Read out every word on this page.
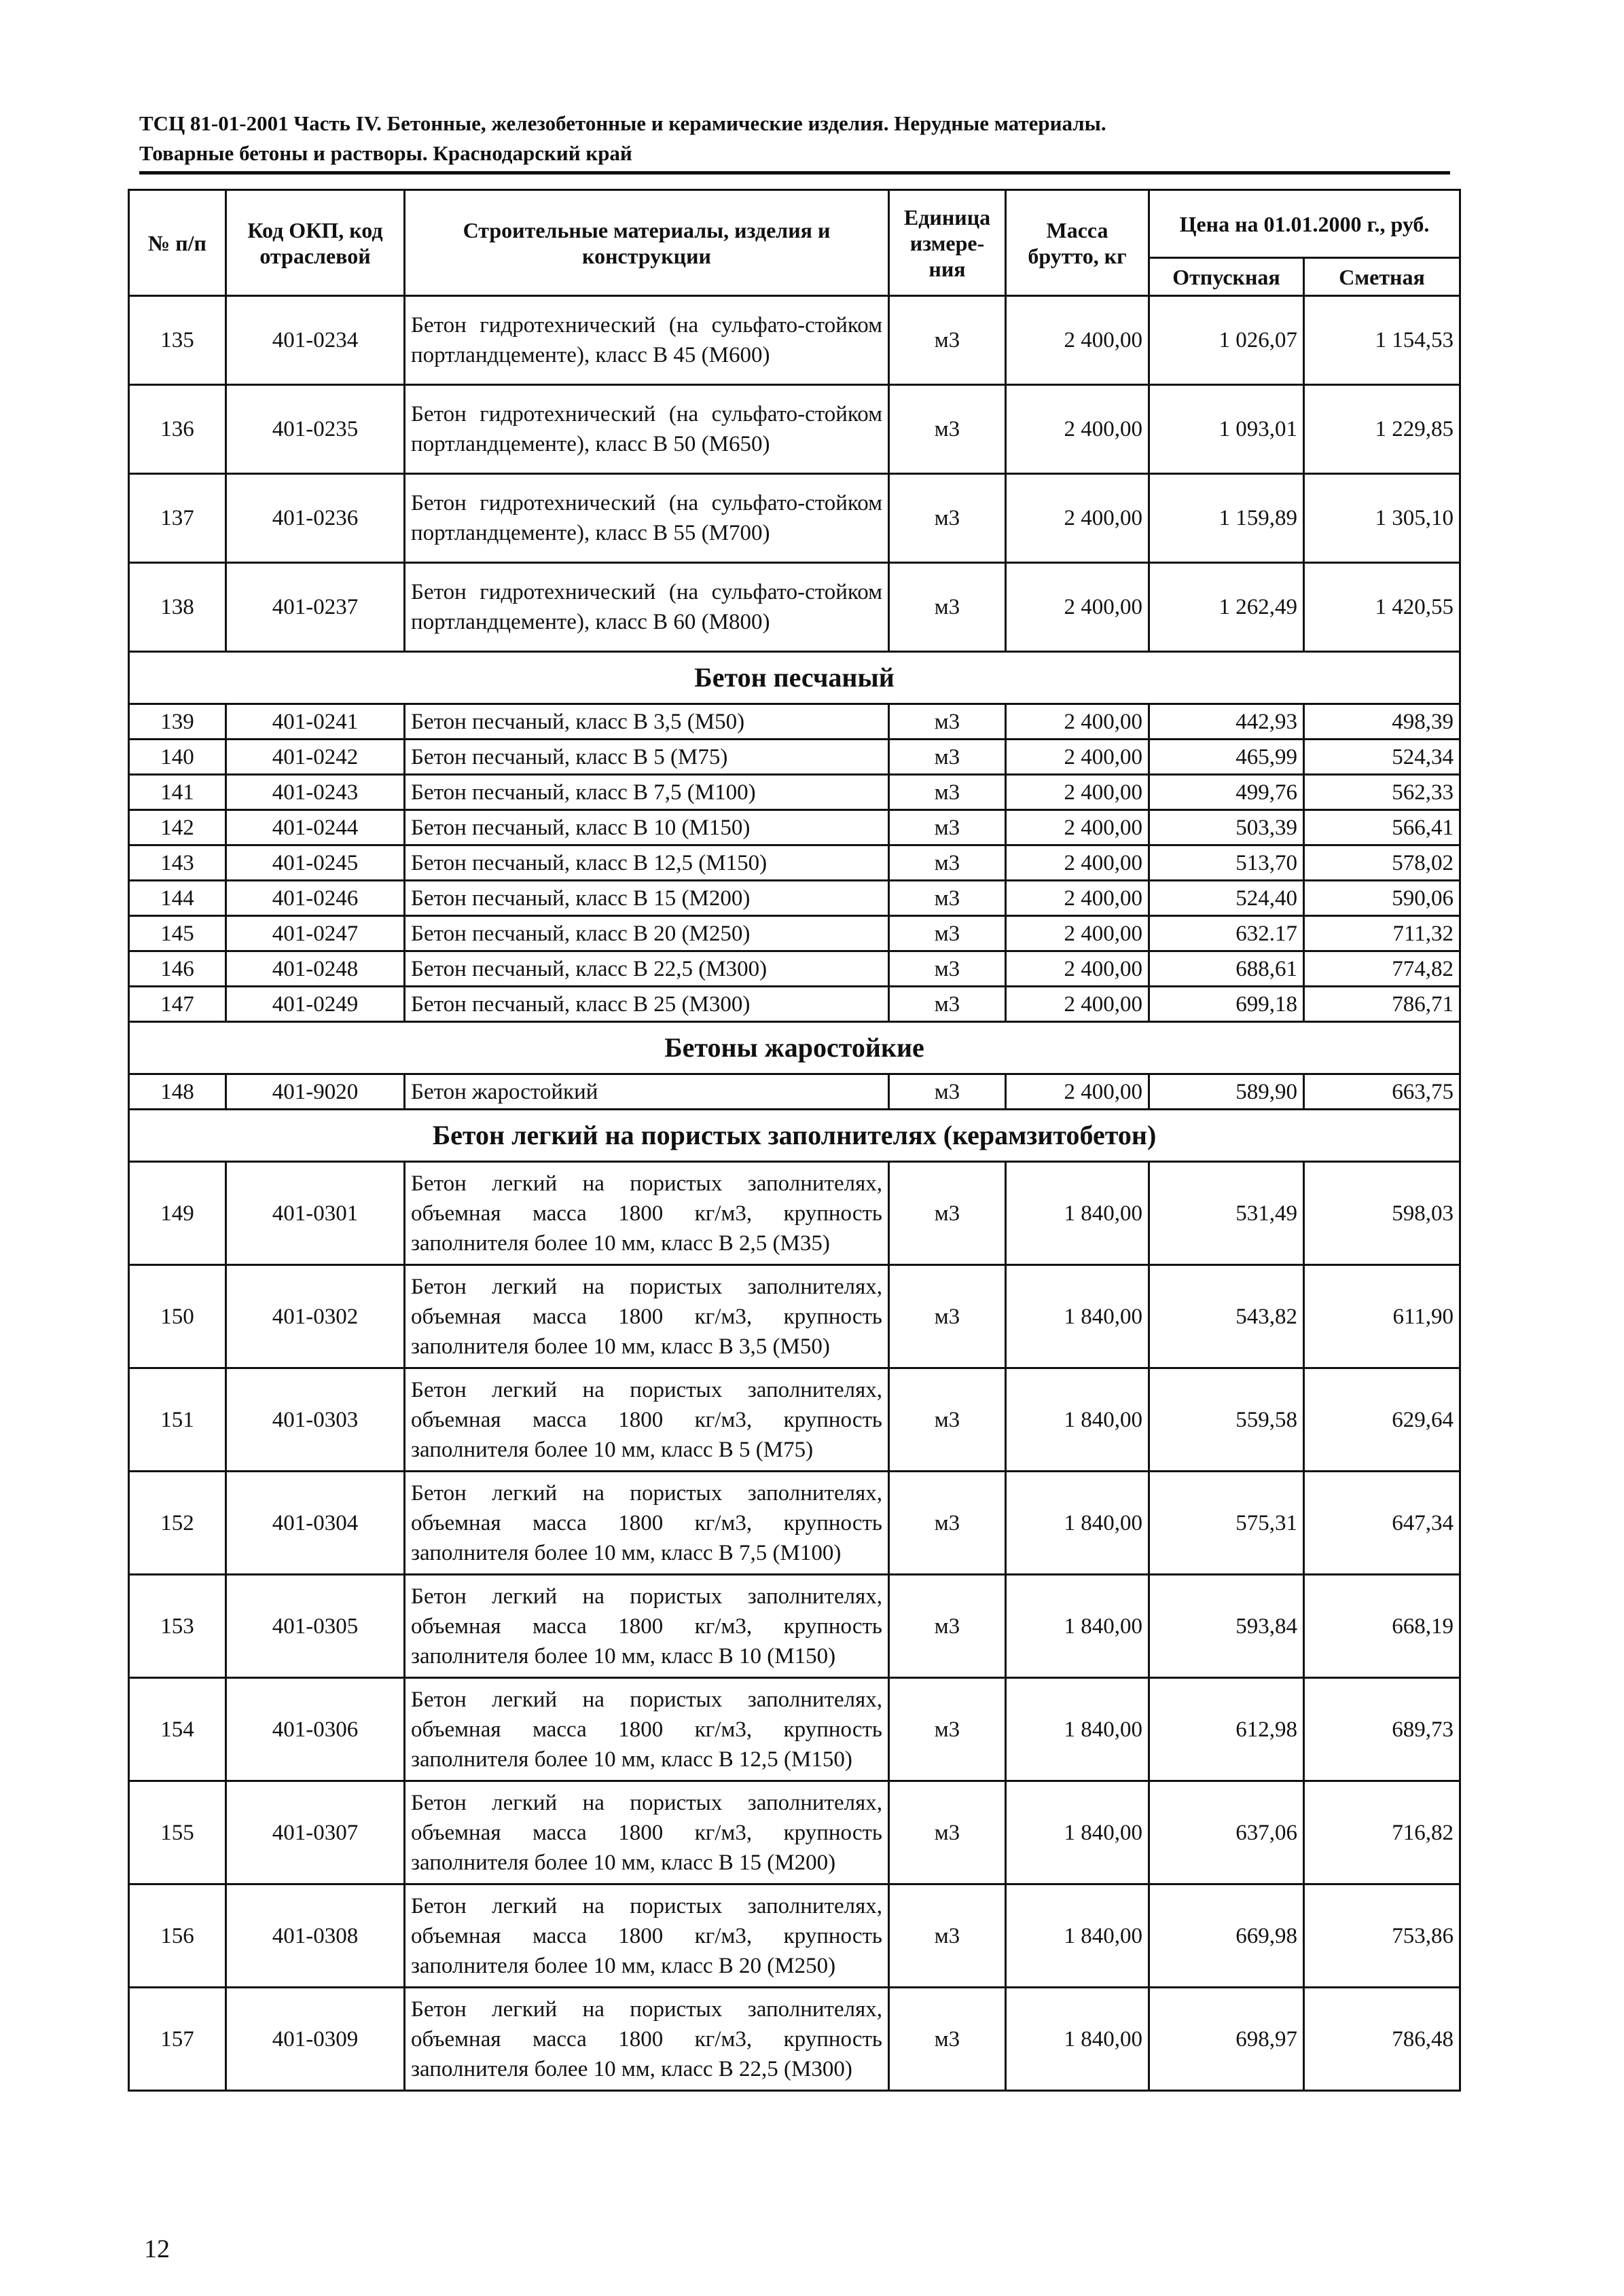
ТСЦ 81-01-2001 Часть IV. Бетонные, железобетонные и керамические изделия. Нерудные материалы.
Товарные бетоны и растворы. Краснодарский край
№ п/п	Код ОКП, код отраслевой	Строительные материалы, изделия и конструкции	Единица измере-ния	Масса брутто, кг	Цена на 01.01.2000 г., руб.	
					Отпускная	Сметная
135	401-0234	Бетон гидротехнический (на сульфато-стойком портландцементе), класс В 45 (М600)	м3	2 400,00	1 026,07	1 154,53
136	401-0235	Бетон гидротехнический (на сульфато-стойком портландцементе), класс В 50 (М650)	м3	2 400,00	1 093,01	1 229,85
137	401-0236	Бетон гидротехнический (на сульфато-стойком портландцементе), класс В 55 (М700)	м3	2 400,00	1 159,89	1 305,10
138	401-0237	Бетон гидротехнический (на сульфато-стойком портландцементе), класс В 60 (М800)	м3	2 400,00	1 262,49	1 420,55
Бетон песчаный						
139	401-0241	Бетон песчаный, класс В 3,5 (М50)	м3	2 400,00	442,93	498,39
140	401-0242	Бетон песчаный, класс В 5 (М75)	м3	2 400,00	465,99	524,34
141	401-0243	Бетон песчаный, класс В 7,5 (М100)	м3	2 400,00	499,76	562,33
142	401-0244	Бетон песчаный, класс В 10 (М150)	м3	2 400,00	503,39	566,41
143	401-0245	Бетон песчаный, класс В 12,5 (М150)	м3	2 400,00	513,70	578,02
144	401-0246	Бетон песчаный, класс В 15 (М200)	м3	2 400,00	524,40	590,06
145	401-0247	Бетон песчаный, класс В 20 (М250)	м3	2 400,00	632.17	711,32
146	401-0248	Бетон песчаный, класс В 22,5 (М300)	м3	2 400,00	688,61	774,82
147	401-0249	Бетон песчаный, класс В 25 (М300)	м3	2 400,00	699,18	786,71
Бетоны жаростойкие						
148	401-9020	Бетон жаростойкий	м3	2 400,00	589,90	663,75
Бетон легкий на пористых заполнителях (керамзитобетон)						
149	401-0301	Бетон легкий на пористых заполнителях, объемная масса 1800 кг/м3, крупность заполнителя более 10 мм, класс В 2,5 (М35)	м3	1 840,00	531,49	598,03
150	401-0302	Бетон легкий на пористых заполнителях, объемная масса 1800 кг/м3, крупность заполнителя более 10 мм, класс В 3,5 (М50)	м3	1 840,00	543,82	611,90
151	401-0303	Бетон легкий на пористых заполнителях, объемная масса 1800 кг/м3, крупность заполнителя более 10 мм, класс В 5 (М75)	м3	1 840,00	559,58	629,64
152	401-0304	Бетон легкий на пористых заполнителях, объемная масса 1800 кг/м3, крупность заполнителя более 10 мм, класс В 7,5 (М100)	м3	1 840,00	575,31	647,34
153	401-0305	Бетон легкий на пористых заполнителях, объемная масса 1800 кг/м3, крупность заполнителя более 10 мм, класс В 10 (М150)	м3	1 840,00	593,84	668,19
154	401-0306	Бетон легкий на пористых заполнителях, объемная масса 1800 кг/м3, крупность заполнителя более 10 мм, класс В 12,5 (М150)	м3	1 840,00	612,98	689,73
155	401-0307	Бетон легкий на пористых заполнителях, объемная масса 1800 кг/м3, крупность заполнителя более 10 мм, класс В 15 (М200)	м3	1 840,00	637,06	716,82
156	401-0308	Бетон легкий на пористых заполнителях, объемная масса 1800 кг/м3, крупность заполнителя более 10 мм, класс В 20 (М250)	м3	1 840,00	669,98	753,86
157	401-0309	Бетон легкий на пористых заполнителях, объемная масса 1800 кг/м3, крупность заполнителя более 10 мм, класс В 22,5 (М300)	м3	1 840,00	698,97	786,48
12
